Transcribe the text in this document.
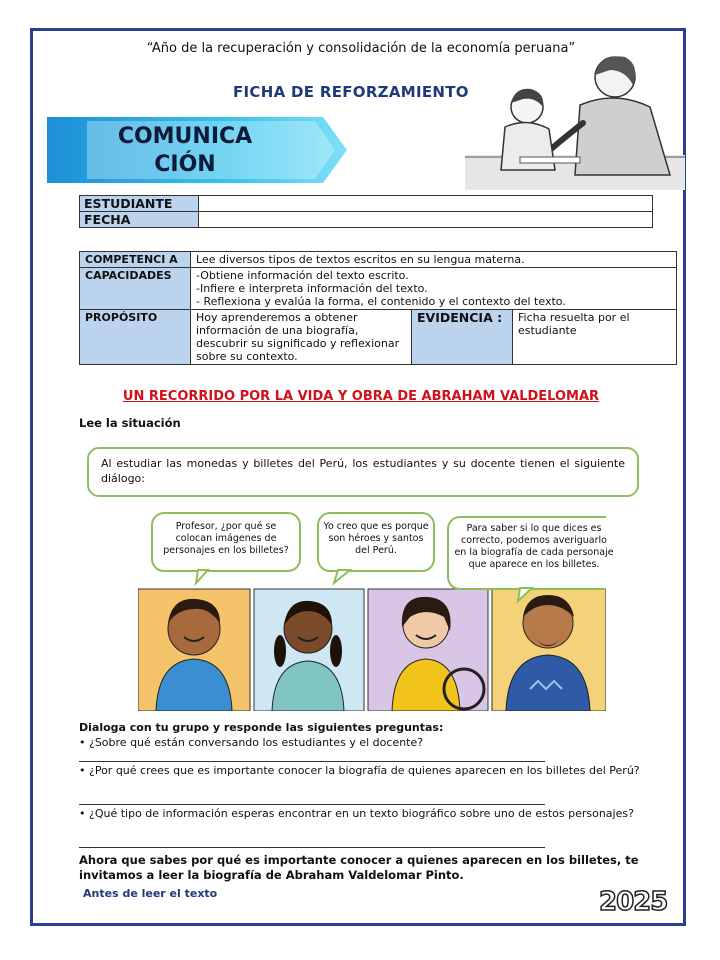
“Año de la recuperación y consolidación de la economía peruana”
FICHA DE REFORZAMIENTO
COMUNICA
CIÓN
ESTUDIANTE	
FECHA	
COMPETENCI A	Lee diversos tipos de textos escritos en su lengua materna.		
CAPACIDADES	-Obtiene información del texto escrito.
-Infiere e interpreta información del texto.
- Reflexiona y evalúa la forma, el contenido y el contexto del texto.		

PROPÓSITO	Hoy aprenderemos a obtener información de una biografía, descubrir su significado y reflexionar sobre su contexto.	EVIDENCIA :	Ficha resuelta por el estudiante
UN RECORRIDO POR LA VIDA Y OBRA DE ABRAHAM VALDELOMAR
Lee la situación
Al estudiar las monedas y billetes del Perú, los estudiantes y su docente tienen el siguiente diálogo:
Profesor, ¿por qué se colocan imágenes de personajes en los billetes?
Yo creo que es porque son héroes y santos del Perú.
Para saber si lo que dices es correcto, podemos averiguarlo en la biografía de cada personaje que aparece en los billetes.
Dialoga con tu grupo y responde las siguientes preguntas:
• ¿Sobre qué están conversando los estudiantes y el docente?
• ¿Por qué crees que es importante conocer la biografía de quienes aparecen en los billetes del Perú?
• ¿Qué tipo de información esperas encontrar en un texto biográfico sobre uno de estos personajes?
Ahora que sabes por qué es importante conocer a quienes aparecen en los billetes, te invitamos a leer la biografía de Abraham Valdelomar Pinto.
Antes de leer el texto	2025
